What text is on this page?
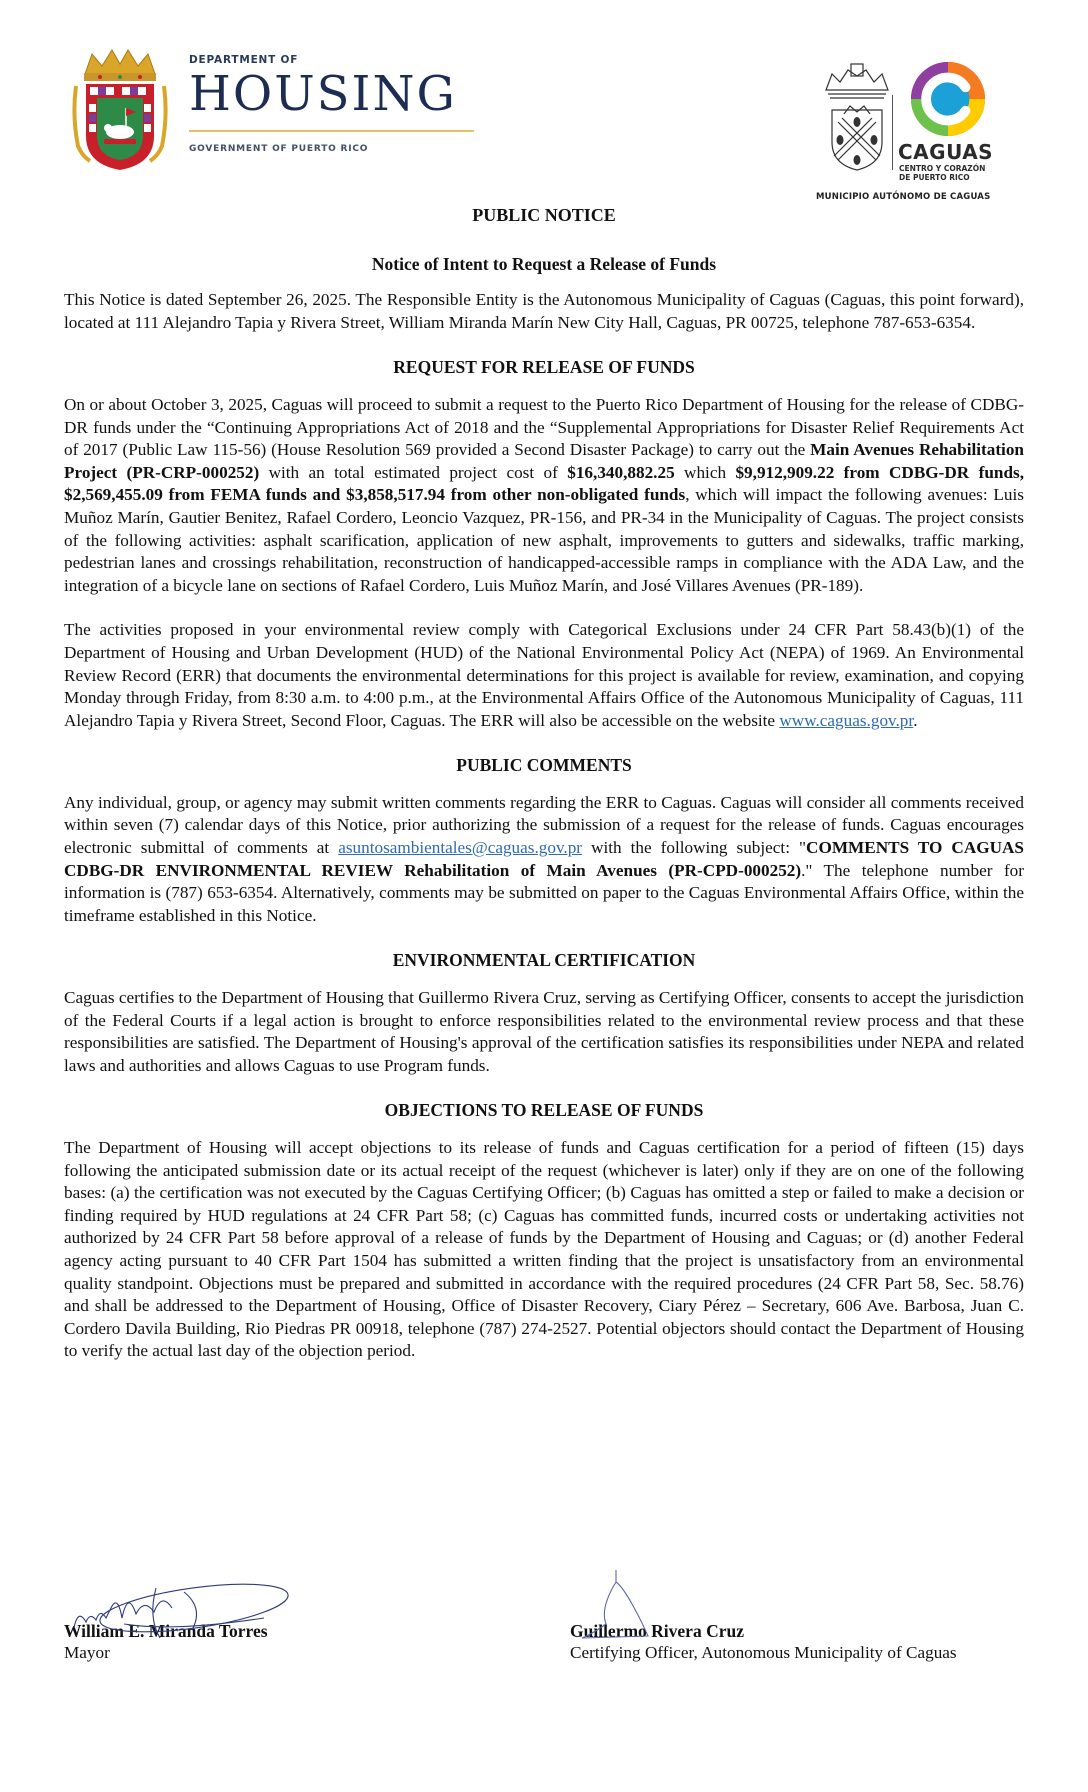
DEPARTMENT OF
HOUSING
GOVERNMENT OF PUERTO RICO	CAGUAS
CENTRO Y CORAZÓN
DE PUERTO RICO
MUNICIPIO AUTÓNOMO DE CAGUAS
PUBLIC NOTICE
Notice of Intent to Request a Release of Funds

This Notice is dated September 26, 2025. The Responsible Entity is the Autonomous Municipality of Caguas (Caguas, this point forward), located at 111 Alejandro Tapia y Rivera Street, William Miranda Marín New City Hall, Caguas, PR 00725, telephone 787-653-6354.

REQUEST FOR RELEASE OF FUNDS

On or about October 3, 2025, Caguas will proceed to submit a request to the Puerto Rico Department of Housing for the release of CDBG-DR funds under the “Continuing Appropriations Act of 2018 and the “Supplemental Appropriations for Disaster Relief Requirements Act of 2017 (Public Law 115-56) (House Resolution 569 provided a Second Disaster Package) to carry out the Main Avenues Rehabilitation Project (PR-CRP-000252) with an total estimated project cost of $16,340,882.25 which $9,912,909.22 from CDBG-DR funds, $2,569,455.09 from FEMA funds and $3,858,517.94 from other non-obligated funds, which will impact the following avenues: Luis Muñoz Marín, Gautier Benitez, Rafael Cordero, Leoncio Vazquez, PR-156, and PR-34 in the Municipality of Caguas. The project consists of the following activities: asphalt scarification, application of new asphalt, improvements to gutters and sidewalks, traffic marking, pedestrian lanes and crossings rehabilitation, reconstruction of handicapped-accessible ramps in compliance with the ADA Law, and the integration of a bicycle lane on sections of Rafael Cordero, Luis Muñoz Marín, and José Villares Avenues (PR-189).

The activities proposed in your environmental review comply with Categorical Exclusions under 24 CFR Part 58.43(b)(1) of the Department of Housing and Urban Development (HUD) of the National Environmental Policy Act (NEPA) of 1969. An Environmental Review Record (ERR) that documents the environmental determinations for this project is available for review, examination, and copying Monday through Friday, from 8:30 a.m. to 4:00 p.m., at the Environmental Affairs Office of the Autonomous Municipality of Caguas, 111 Alejandro Tapia y Rivera Street, Second Floor, Caguas. The ERR will also be accessible on the website www.caguas.gov.pr.

PUBLIC COMMENTS

Any individual, group, or agency may submit written comments regarding the ERR to Caguas. Caguas will consider all comments received within seven (7) calendar days of this Notice, prior authorizing the submission of a request for the release of funds. Caguas encourages electronic submittal of comments at asuntosambientales@caguas.gov.pr with the following subject: "COMMENTS TO CAGUAS CDBG-DR ENVIRONMENTAL REVIEW Rehabilitation of Main Avenues (PR-CPD-000252)." The telephone number for information is (787) 653-6354. Alternatively, comments may be submitted on paper to the Caguas Environmental Affairs Office, within the timeframe established in this Notice.

ENVIRONMENTAL CERTIFICATION

Caguas certifies to the Department of Housing that Guillermo Rivera Cruz, serving as Certifying Officer, consents to accept the jurisdiction of the Federal Courts if a legal action is brought to enforce responsibilities related to the environmental review process and that these responsibilities are satisfied. The Department of Housing's approval of the certification satisfies its responsibilities under NEPA and related laws and authorities and allows Caguas to use Program funds.

OBJECTIONS TO RELEASE OF FUNDS

The Department of Housing will accept objections to its release of funds and Caguas certification for a period of fifteen (15) days following the anticipated submission date or its actual receipt of the request (whichever is later) only if they are on one of the following bases: (a) the certification was not executed by the Caguas Certifying Officer; (b) Caguas has omitted a step or failed to make a decision or finding required by HUD regulations at 24 CFR Part 58; (c) Caguas has committed funds, incurred costs or undertaking activities not authorized by 24 CFR Part 58 before approval of a release of funds by the Department of Housing and Caguas; or (d) another Federal agency acting pursuant to 40 CFR Part 1504 has submitted a written finding that the project is unsatisfactory from an environmental quality standpoint. Objections must be prepared and submitted in accordance with the required procedures (24 CFR Part 58, Sec. 58.76) and shall be addressed to the Department of Housing, Office of Disaster Recovery, Ciary Pérez – Secretary, 606 Ave. Barbosa, Juan C. Cordero Davila Building, Rio Piedras PR 00918, telephone (787) 274-2527. Potential objectors should contact the Department of Housing to verify the actual last day of the objection period.

William E. Miranda Torres
Mayor
Guillermo Rivera Cruz
Certifying Officer, Autonomous Municipality of Caguas
